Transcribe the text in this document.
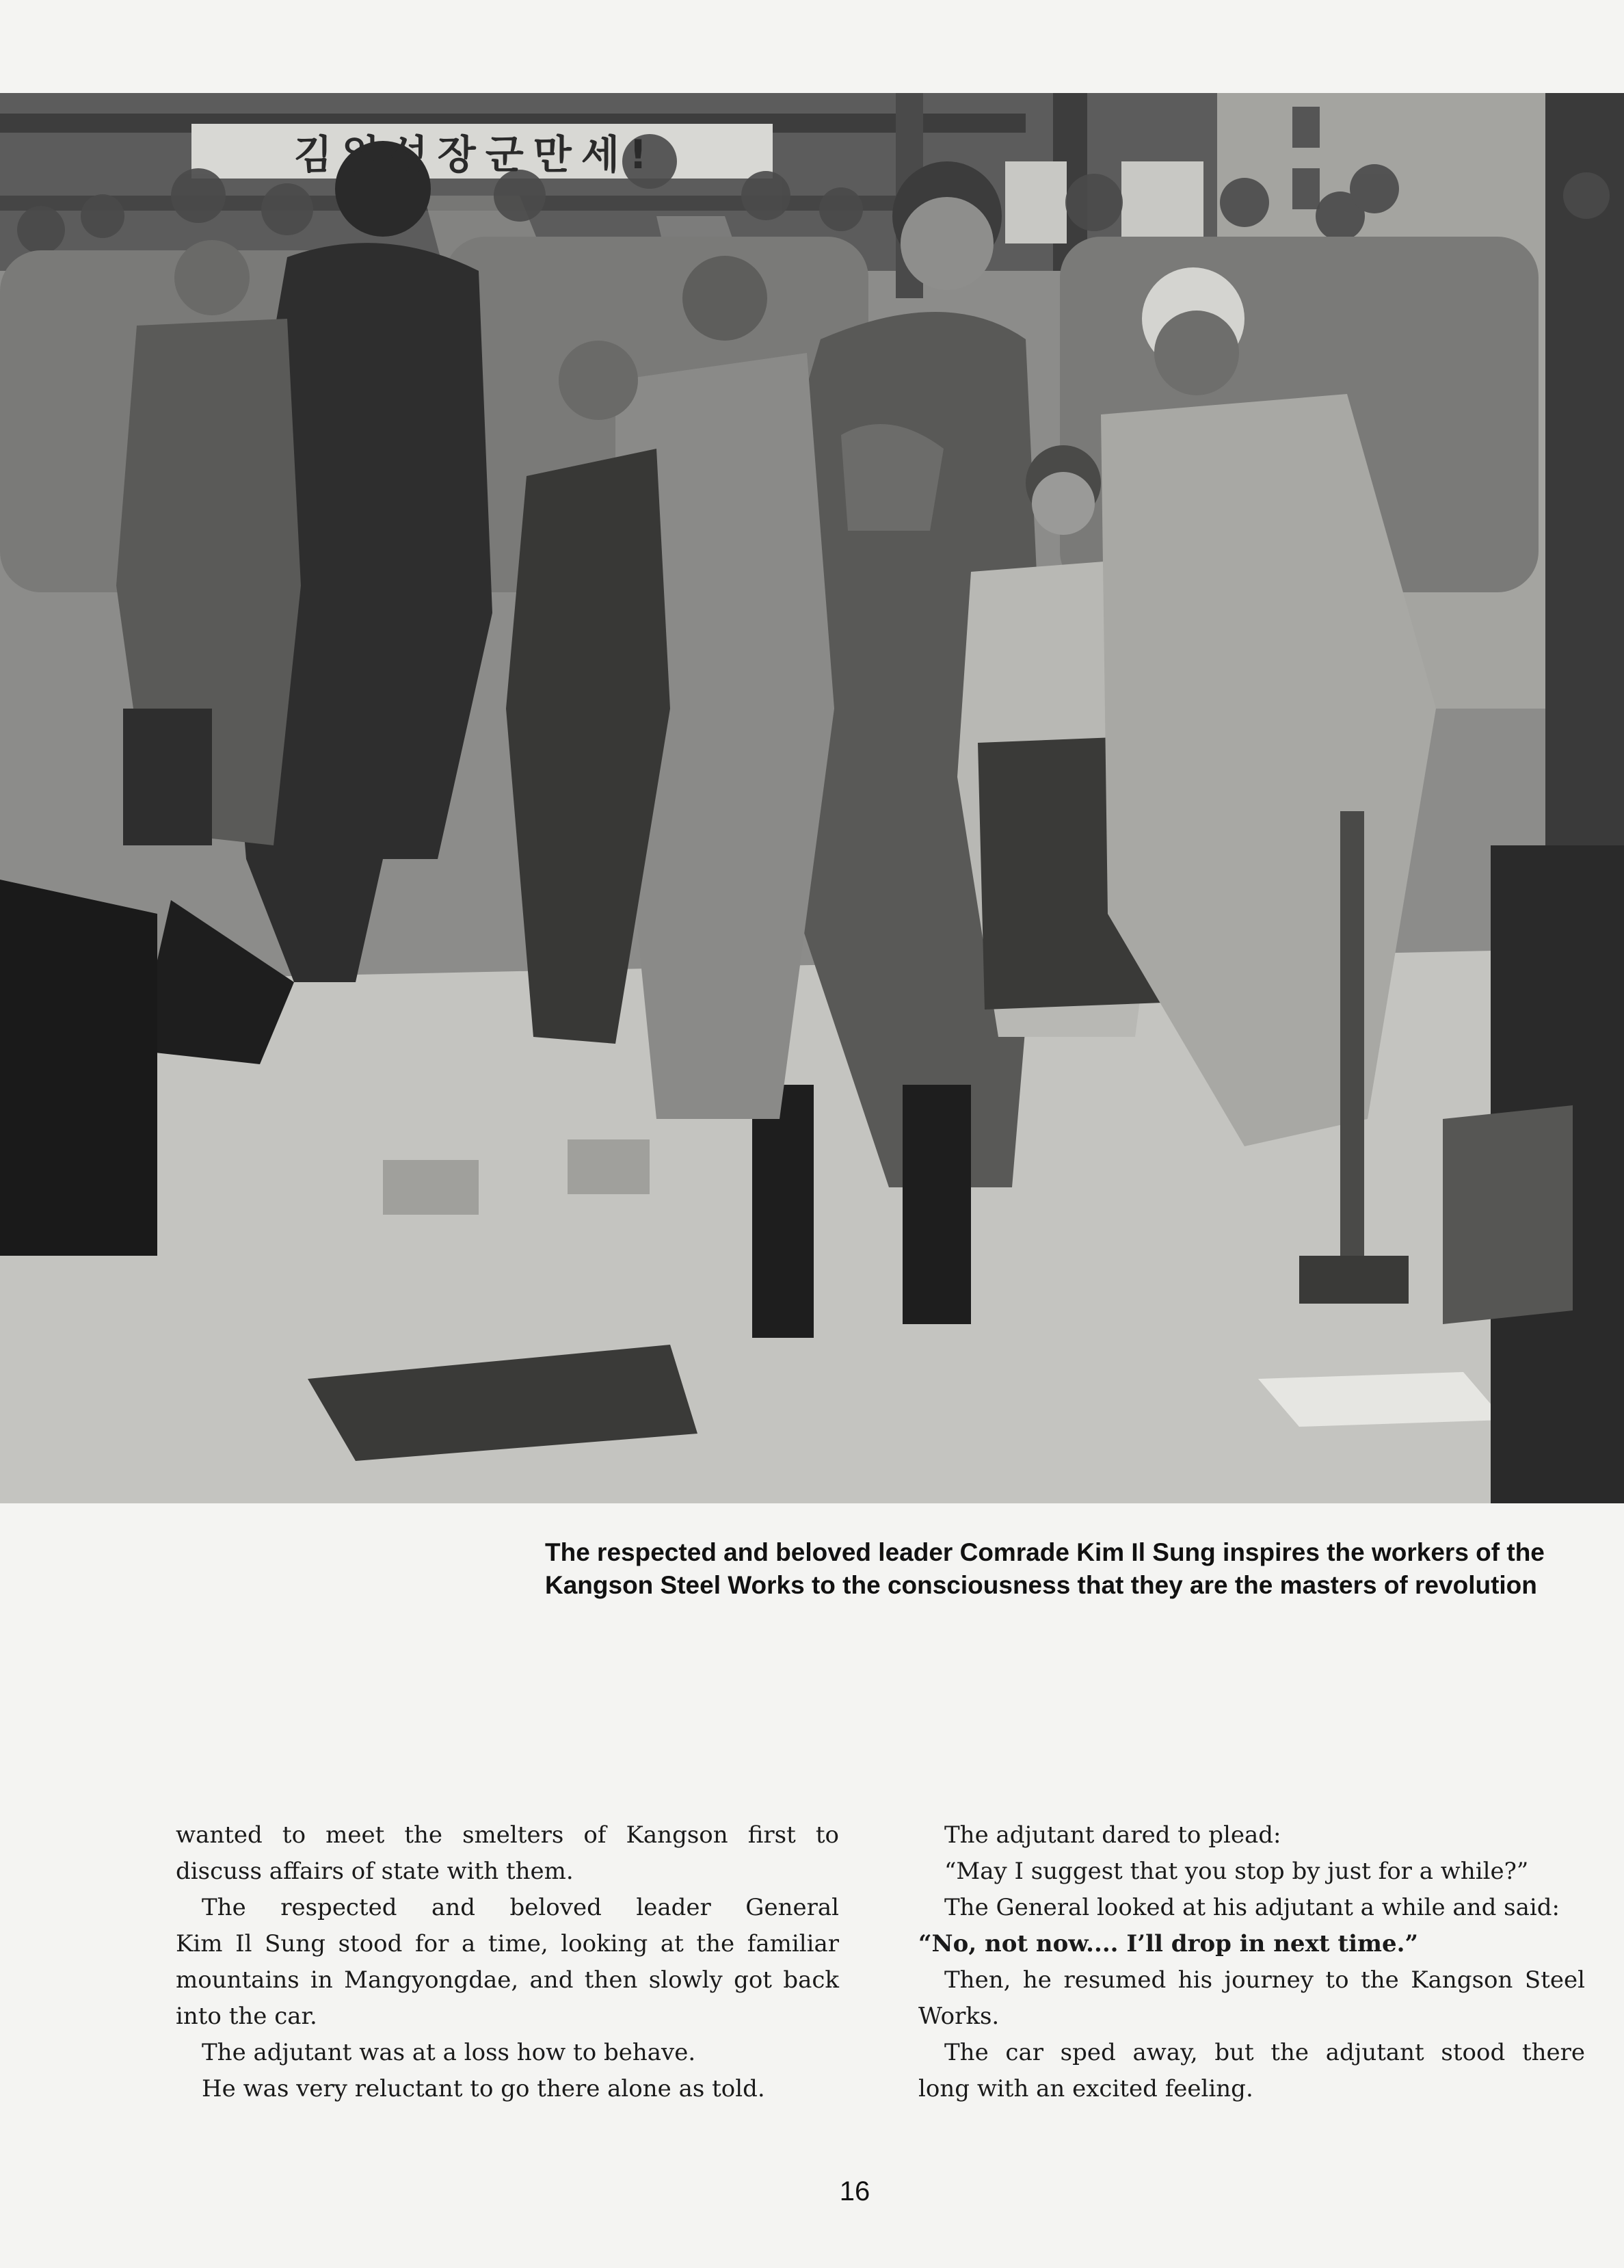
김일성장군만세!
The respected and beloved leader Comrade Kim Il Sung inspires the workers of the Kangson Steel Works to the consciousness that they are the masters of revolution

wanted to meet the smelters of Kangson first to

discuss affairs of state with them.

The respected and beloved leader General

Kim Il Sung stood for a time, looking at the familiar

mountains in Mangyongdae, and then slowly got back

into the car.

The adjutant was at a loss how to behave.

He was very reluctant to go there alone as told.

The adjutant dared to plead:

“May I suggest that you stop by just for a while?”

The General looked at his adjutant a while and said:

“No, not now.... I’ll drop in next time.”

Then, he resumed his journey to the Kangson Steel

Works.

The car sped away, but the adjutant stood there

long with an excited feeling.

16
